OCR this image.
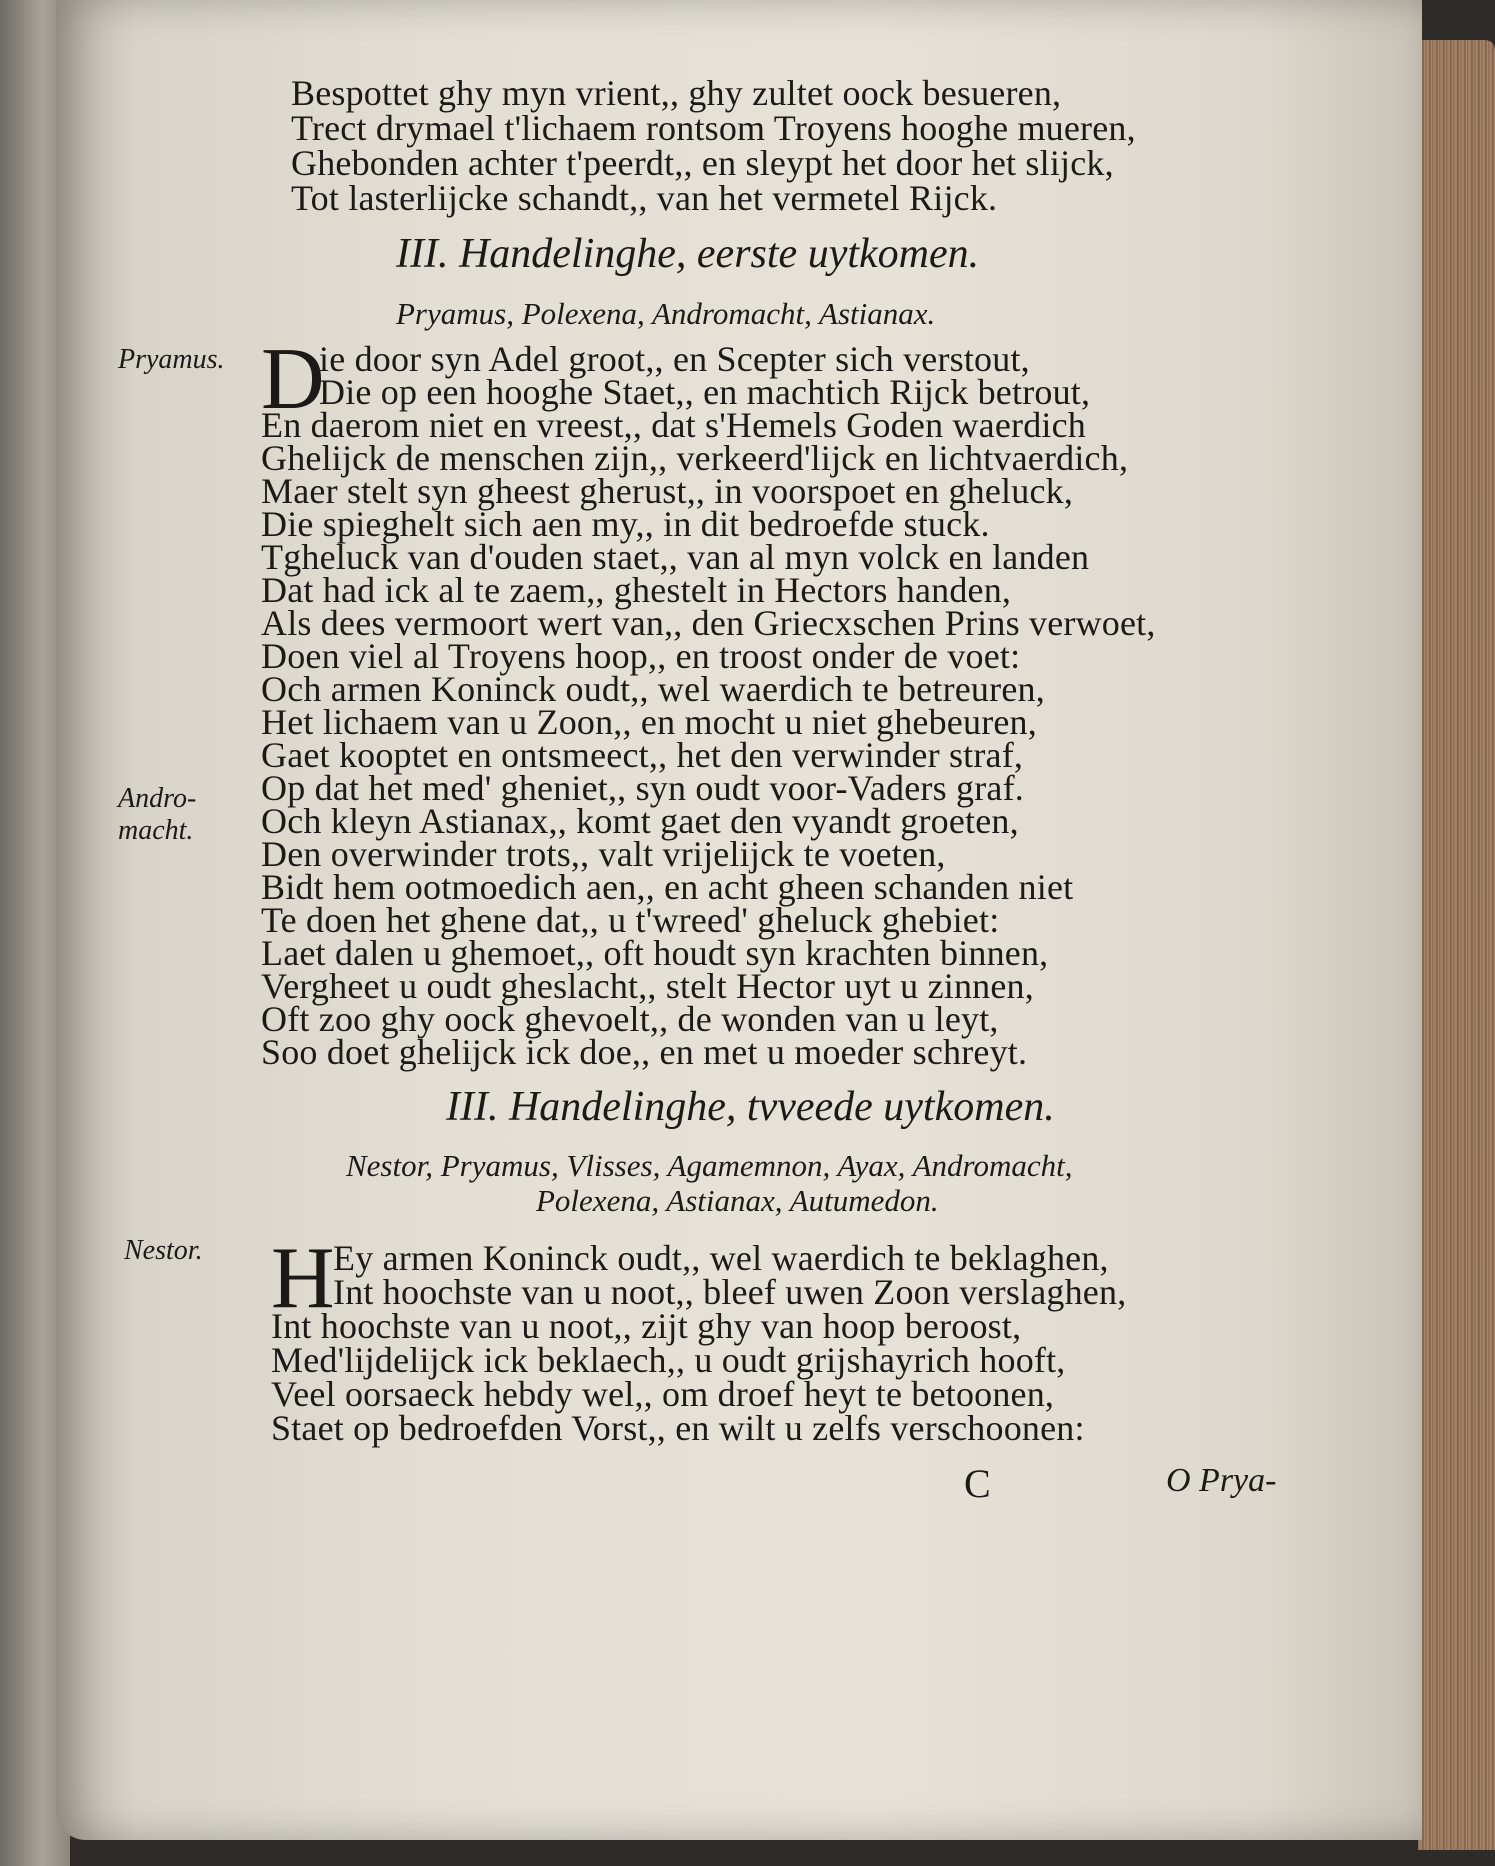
Bespottet ghy myn vrient,, ghy zultet oock besueren,
Trect drymael t'lichaem rontsom Troyens hooghe mueren,
Ghebonden achter t'peerdt,, en sleypt het door het slijck,
Tot lasterlijcke schandt,, van het vermetel Rijck.
III. Handelinghe, eerste uytkomen.
Pryamus, Polexena, Andromacht, Astianax.
Pryamus.
Andro-
macht.
D
ie door syn Adel groot,, en Scepter sich verstout,
Die op een hooghe Staet,, en machtich Rijck betrout,
En daerom niet en vreest,, dat s'Hemels Goden waerdich
Ghelijck de menschen zijn,, verkeerd'lijck en lichtvaerdich,
Maer stelt syn gheest gherust,, in voorspoet en gheluck,
Die spieghelt sich aen my,, in dit bedroefde stuck.
Tgheluck van d'ouden staet,, van al myn volck en landen
Dat had ick al te zaem,, ghestelt in Hectors handen,
Als dees vermoort wert van,, den Griecxschen Prins verwoet,
Doen viel al Troyens hoop,, en troost onder de voet:
Och armen Koninck oudt,, wel waerdich te betreuren,
Het lichaem van u Zoon,, en mocht u niet ghebeuren,
Gaet kooptet en ontsmeect,, het den verwinder straf,
Op dat het med' gheniet,, syn oudt voor-Vaders graf.
Och kleyn Astianax,, komt gaet den vyandt groeten,
Den overwinder trots,, valt vrijelijck te voeten,
Bidt hem ootmoedich aen,, en acht gheen schanden niet
Te doen het ghene dat,, u t'wreed' gheluck ghebiet:
Laet dalen u ghemoet,, oft houdt syn krachten binnen,
Vergheet u oudt gheslacht,, stelt Hector uyt u zinnen,
Oft zoo ghy oock ghevoelt,, de wonden van u leyt,
Soo doet ghelijck ick doe,, en met u moeder schreyt.
III. Handelinghe, tvveede uytkomen.
Nestor, Pryamus, Vlisses, Agamemnon, Ayax, Andromacht,
Polexena, Astianax, Autumedon.
Nestor. H
Ey armen Koninck oudt,, wel waerdich te beklaghen,
Int hoochste van u noot,, bleef uwen Zoon verslaghen,
Int hoochste van u noot,, zijt ghy van hoop beroost,
Med'lijdelijck ick beklaech,, u oudt grijshayrich hooft,
Veel oorsaeck hebdy wel,, om droef heyt te betoonen,
Staet op bedroefden Vorst,, en wilt u zelfs verschoonen:
C	O Prya-
